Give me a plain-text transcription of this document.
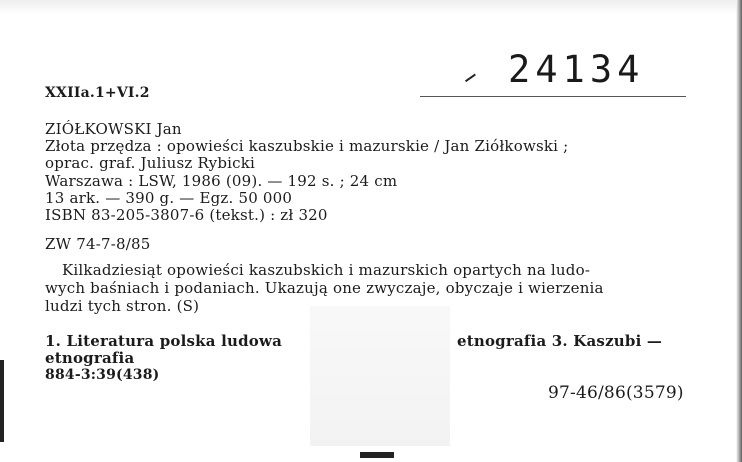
XXIIa.1+VI.2
24134
ZIÓŁKOWSKI Jan
Złota przędza : opowieści kaszubskie i mazurskie / Jan Ziółkowski ;
oprac. graf. Juliusz Rybicki
Warszawa : LSW, 1986 (09). — 192 s. ; 24 cm
13 ark. — 390 g. — Egz. 50 000
ISBN 83-205-3807-6 (tekst.) : zł 320
ZW 74-7-8/85
Kilkadziesiąt opowieści kaszubskich i mazurskich opartych na ludo-
wych baśniach i podaniach. Ukazują one zwyczaje, obyczaje i wierzenia
ludzi tych stron. (S)
1. Literatura polska ludowa	etnografia 3. Kaszubi —
etnografia
884-3:39(438)
97-46/86(3579)
